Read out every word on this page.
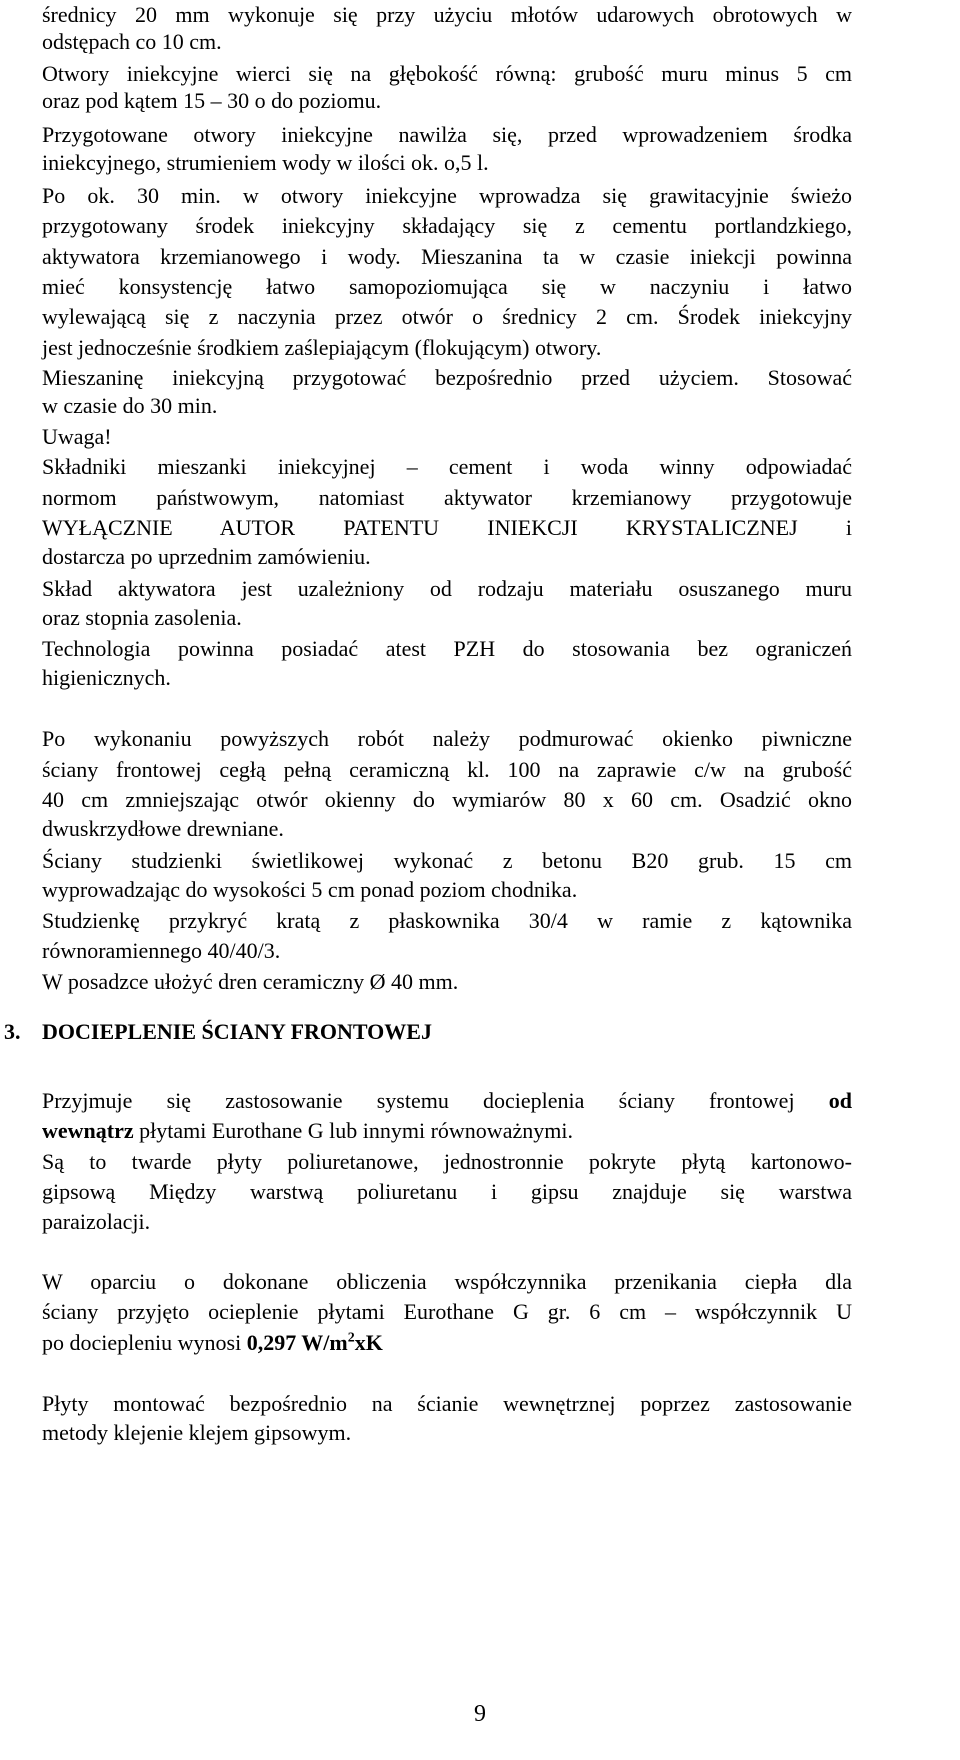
średnicy 20 mm wykonuje się przy użyciu młotów udarowych obrotowych w
odstępach co 10 cm.
Otwory iniekcyjne wierci się na głębokość równą: grubość muru minus 5 cm
oraz pod kątem 15 – 30 o do poziomu.
Przygotowane otwory iniekcyjne nawilża się, przed wprowadzeniem środka
iniekcyjnego, strumieniem wody w ilości ok. o,5 l.
Po ok. 30 min. w otwory iniekcyjne wprowadza się grawitacyjnie świeżo
przygotowany środek iniekcyjny składający się z cementu portlandzkiego,
aktywatora krzemianowego i wody. Mieszanina ta w czasie iniekcji powinna
mieć konsystencję łatwo samopoziomująca się w naczyniu i łatwo
wylewającą się z naczynia przez otwór o średnicy 2 cm. Środek iniekcyjny
jest jednocześnie środkiem zaślepiającym (flokującym) otwory.
Mieszaninę iniekcyjną przygotować bezpośrednio przed użyciem. Stosować
w czasie do 30 min.
Uwaga!
Składniki mieszanki iniekcyjnej – cement i woda winny odpowiadać
normom państwowym, natomiast aktywator krzemianowy przygotowuje
WYŁĄCZNIE AUTOR PATENTU INIEKCJI KRYSTALICZNEJ i
dostarcza po uprzednim zamówieniu.
Skład aktywatora jest uzależniony od rodzaju materiału osuszanego muru
oraz stopnia zasolenia.
Technologia powinna posiadać atest PZH do stosowania bez ograniczeń
higienicznych.
Po wykonaniu powyższych robót należy podmurować okienko piwniczne
ściany frontowej cegłą pełną ceramiczną kl. 100 na zaprawie c/w na grubość
40 cm zmniejszając otwór okienny do wymiarów 80 x 60 cm. Osadzić okno
dwuskrzydłowe drewniane.
Ściany studzienki świetlikowej wykonać z betonu B20 grub. 15 cm
wyprowadzając do wysokości 5 cm ponad poziom chodnika.
Studzienkę przykryć kratą z płaskownika 30/4 w ramie z kątownika
równoramiennego 40/40/3.
W posadzce ułożyć dren ceramiczny Ø 40 mm.
3. DOCIEPLENIE ŚCIANY FRONTOWEJ
Przyjmuje się zastosowanie systemu docieplenia ściany frontowej od
wewnątrz płytami Eurothane G lub innymi równoważnymi.
Są to twarde płyty poliuretanowe, jednostronnie pokryte płytą kartonowo-
gipsową Między warstwą poliuretanu i gipsu znajduje się warstwa
paraizolacji.
W oparciu o dokonane obliczenia współczynnika przenikania ciepła dla
ściany przyjęto ocieplenie płytami Eurothane G gr. 6 cm – współczynnik U
po dociepleniu wynosi 0,297 $W/m^2xK$
Płyty montować bezpośrednio na ścianie wewnętrznej poprzez zastosowanie
metody klejenie klejem gipsowym.
9
